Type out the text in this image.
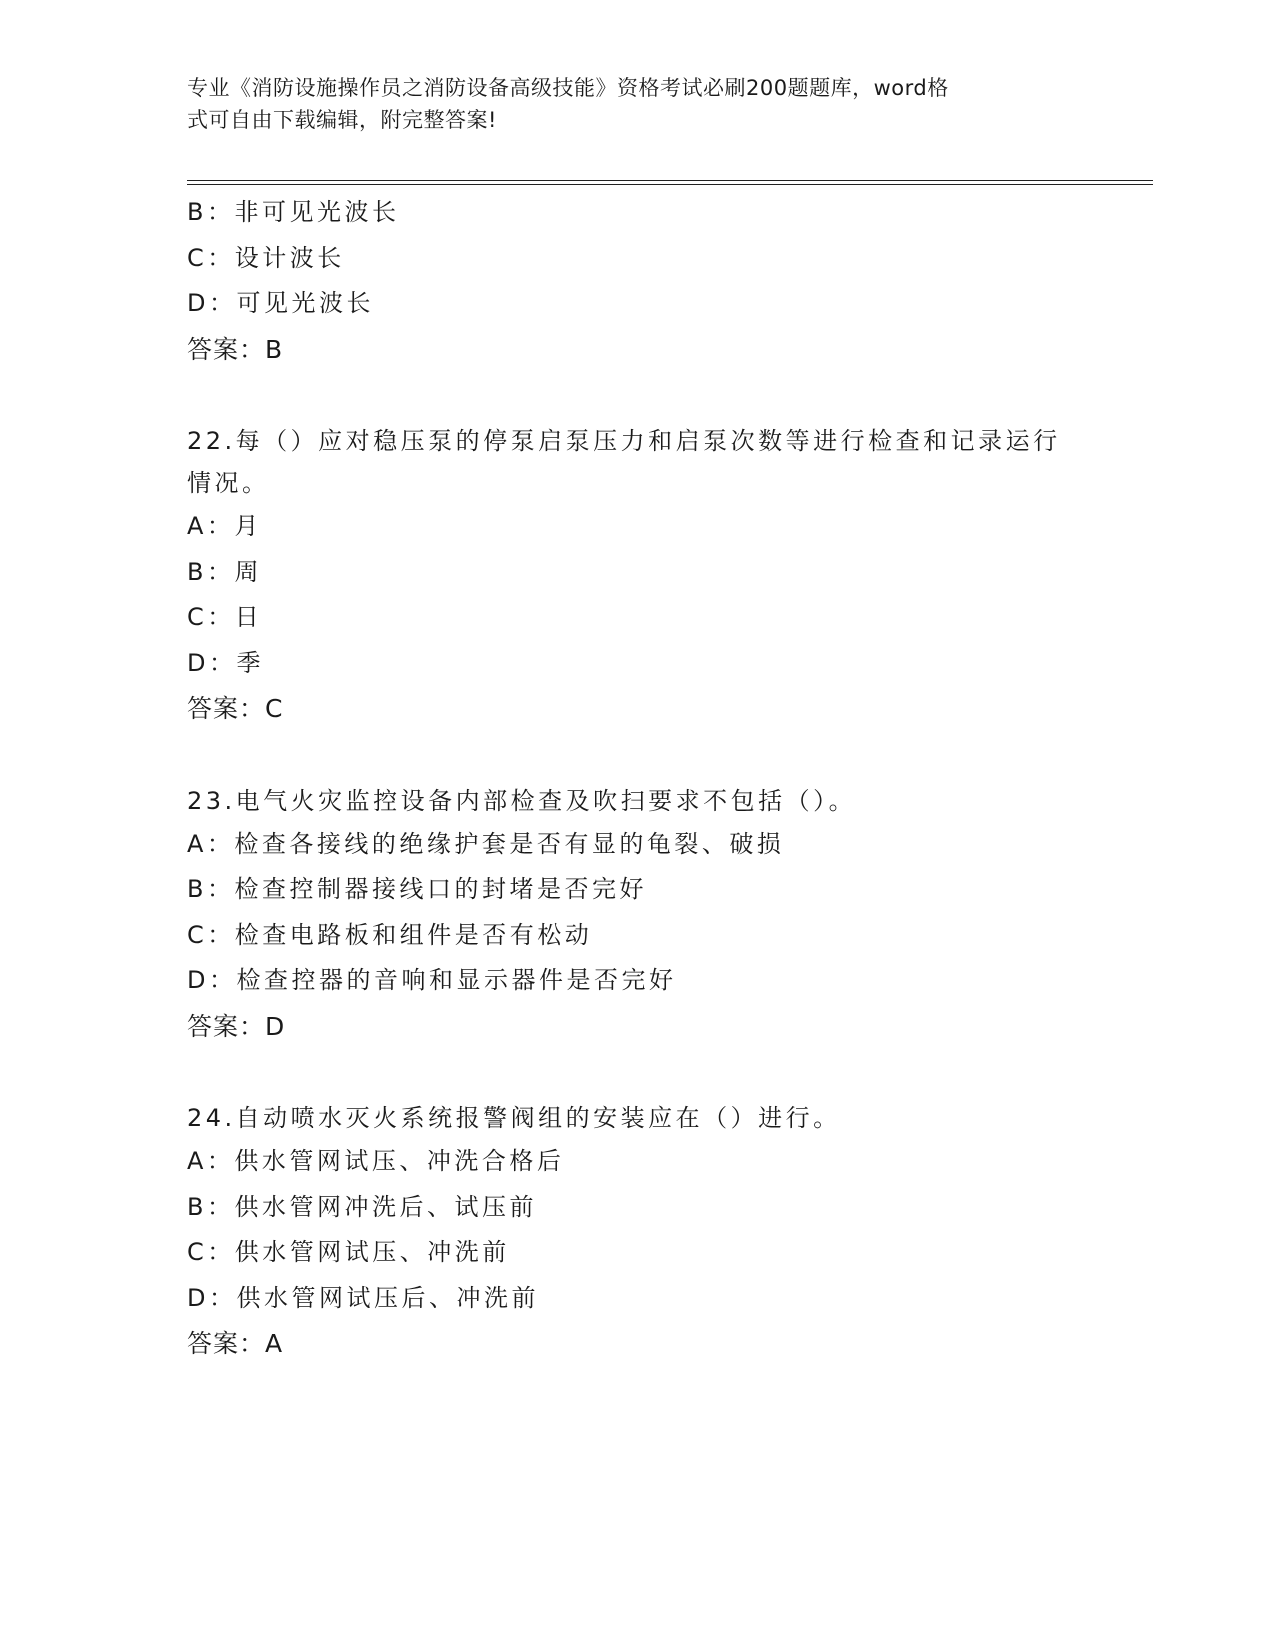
专业《消防设施操作员之消防设备高级技能》资格考试必刷200题题库，word格
式可自由下载编辑，附完整答案!
B：非可见光波长
C：设计波长
D：可见光波长
答案：B
22.每（）应对稳压泵的停泵启泵压力和启泵次数等进行检查和记录运行情况。
A：月
B：周
C：日
D：季
答案：C
23.电气火灾监控设备内部检查及吹扫要求不包括（）。
A：检查各接线的绝缘护套是否有显的龟裂、破损
B：检查控制器接线口的封堵是否完好
C：检查电路板和组件是否有松动
D：检查控器的音响和显示器件是否完好
答案：D
24.自动喷水灭火系统报警阀组的安装应在（）进行。
A：供水管网试压、冲洗合格后
B：供水管网冲洗后、试压前
C：供水管网试压、冲洗前
D：供水管网试压后、冲洗前
答案：A
